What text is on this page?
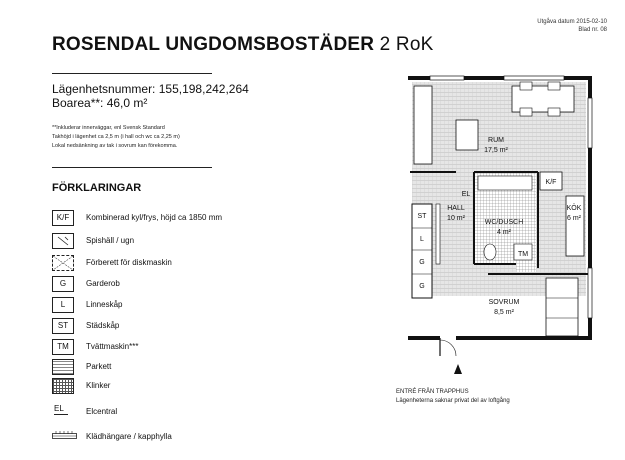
Utgåva datum 2015-02-10
Blad nr. 08
ROSENDAL UNGDOMSBOSTÄDER 2 RoK
Lägenhetsnummer: 155,198,242,264
Boarea**: 46,0 m²
**Inkluderar innerväggar, enl Svensk Standard
Takhöjd i lägenhet ca 2,5 m (i hall och wc ca 2,25 m)
Lokal nedsänkning av tak i sovrum kan förekomma.
FÖRKLARINGAR
K/F	Kombinerad kyl/frys, höjd ca 1850 mm
Spishäll / ugn
Förberett för diskmaskin
G	Garderob
L	Linneskåp
ST	Städskåp
TM	Tvättmaskin***
Parkett
Klinker
EL	Elcentral
Klädhängare / kapphylla
RUM
17,5 m²
HALL
10 m²
WC/DUSCH
4 m²
KÖK
6 m²
SOVRUM
8,5 m²
K/F
EL
ST
L
G
G
TM
ENTRÉ FRÅN TRAPPHUS
Lägenheterna saknar privat del av loftgång
